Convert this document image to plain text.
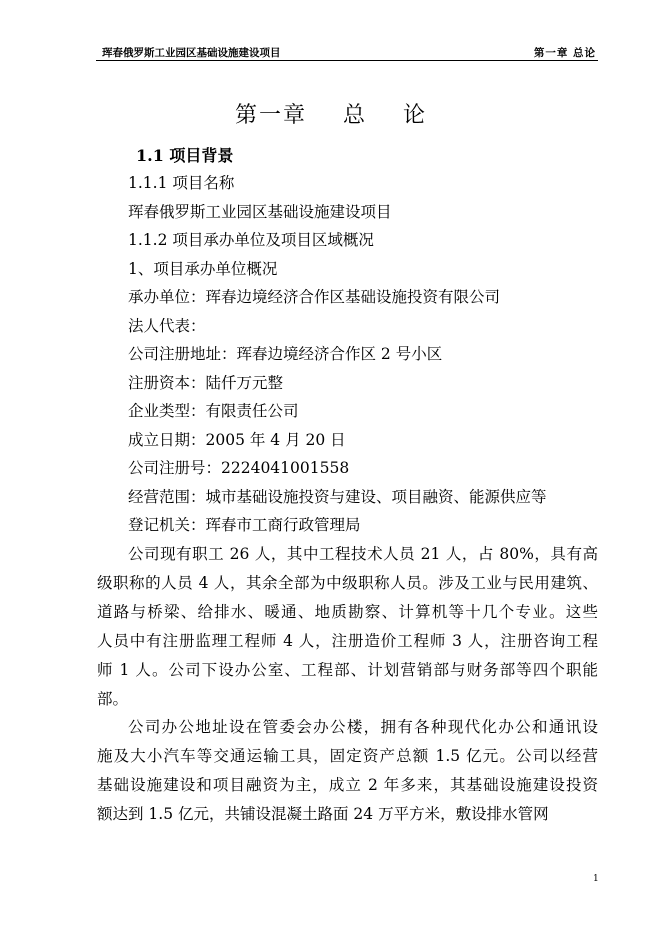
珲春俄罗斯工业园区基础设施建设项目	第一章 总论
第一章    总    论
1.1 项目背景
1.1.1 项目名称
珲春俄罗斯工业园区基础设施建设项目
1.1.2 项目承办单位及项目区域概况
1、项目承办单位概况
承办单位：珲春边境经济合作区基础设施投资有限公司
法人代表：
公司注册地址：珲春边境经济合作区 2 号小区
注册资本：陆仟万元整
企业类型：有限责任公司
成立日期：2005 年 4 月 20 日
公司注册号：2224041001558
经营范围：城市基础设施投资与建设、项目融资、能源供应等
登记机关：珲春市工商行政管理局
公司现有职工 26 人，其中工程技术人员 21 人，占 80%，具有高
级职称的人员 4 人，其余全部为中级职称人员。涉及工业与民用建筑、
道路与桥梁、给排水、暖通、地质勘察、计算机等十几个专业。这些
人员中有注册监理工程师 4 人，注册造价工程师 3 人，注册咨询工程
师 1 人。公司下设办公室、工程部、计划营销部与财务部等四个职能
部。
公司办公地址设在管委会办公楼，拥有各种现代化办公和通讯设
施及大小汽车等交通运输工具，固定资产总额 1.5 亿元。公司以经营
基础设施建设和项目融资为主，成立 2 年多来，其基础设施建设投资
额达到 1.5 亿元，共铺设混凝土路面 24 万平方米，敷设排水管网
1
